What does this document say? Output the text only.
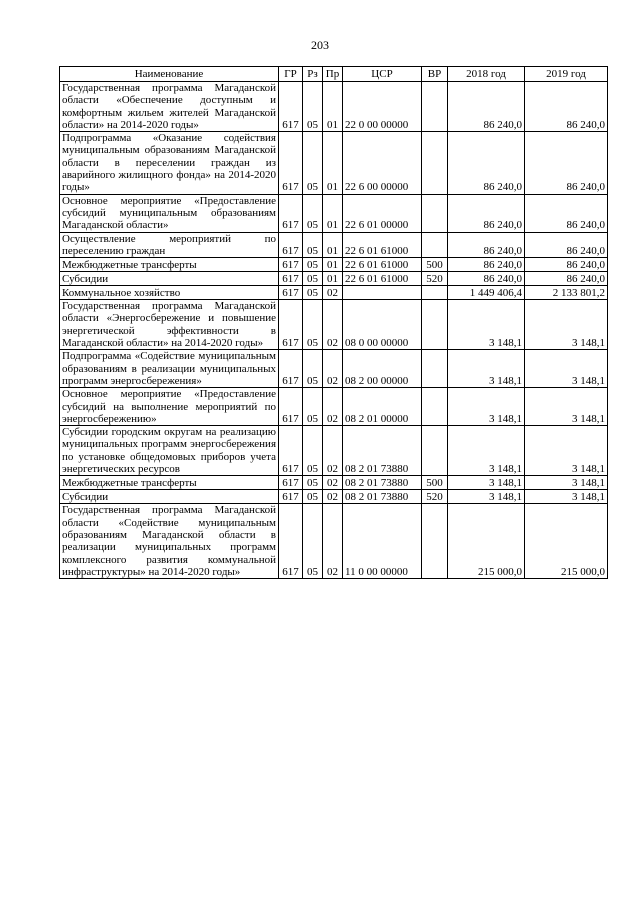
203
Наименование	ГР	Рз	Пр	ЦСР	ВР	2018 год	2019 год
Государственная программа Магаданской области «Обеспечение доступным и комфортным жильем жителей Магаданской области» на 2014-2020 годы»	617	05	01	22 0 00 00000		86 240,0	86 240,0
Подпрограмма «Оказание содействия муниципальным образованиям Магаданской области в переселении граждан из аварийного жилищного фонда» на 2014-2020 годы»	617	05	01	22 6 00 00000		86 240,0	86 240,0
Основное мероприятие «Предоставление субсидий муниципальным образованиям Магаданской области»	617	05	01	22 6 01 00000		86 240,0	86 240,0
Осуществление мероприятий по переселению граждан	617	05	01	22 6 01 61000		86 240,0	86 240,0
Межбюджетные трансферты	617	05	01	22 6 01 61000	500	86 240,0	86 240,0
Субсидии	617	05	01	22 6 01 61000	520	86 240,0	86 240,0
Коммунальное хозяйство	617	05	02			1 449 406,4	2 133 801,2
Государственная программа Магаданской области «Энергосбережение и повышение энергетической эффективности в Магаданской области» на 2014-2020 годы»	617	05	02	08 0 00 00000		3 148,1	3 148,1
Подпрограмма «Содействие муниципальным образованиям в реализации муниципальных программ энергосбережения»	617	05	02	08 2 00 00000		3 148,1	3 148,1
Основное мероприятие «Предоставление субсидий на выполнение мероприятий по энергосбережению»	617	05	02	08 2 01 00000		3 148,1	3 148,1
Субсидии городским округам на реализацию муниципальных программ энергосбережения по установке общедомовых приборов учета энергетических ресурсов	617	05	02	08 2 01 73880		3 148,1	3 148,1
Межбюджетные трансферты	617	05	02	08 2 01 73880	500	3 148,1	3 148,1
Субсидии	617	05	02	08 2 01 73880	520	3 148,1	3 148,1
Государственная программа Магаданской области «Содействие муниципальным образованиям Магаданской области в реализации муниципальных программ комплексного развития коммунальной инфраструктуры» на 2014-2020 годы»	617	05	02	11 0 00 00000		215 000,0	215 000,0
